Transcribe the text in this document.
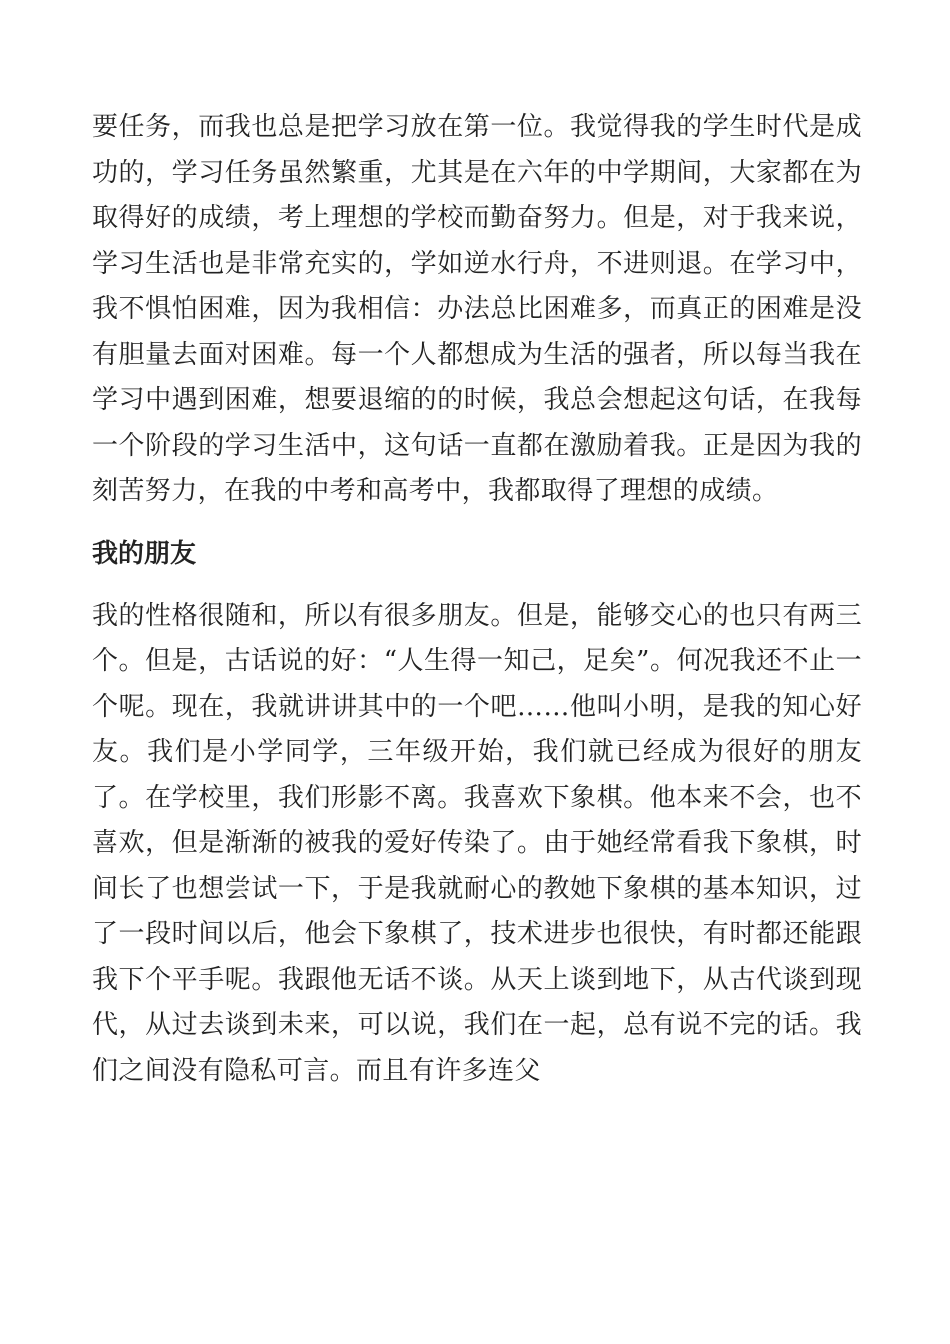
要任务，而我也总是把学习放在第一位。我觉得我的学生时代是成功的，学习任务虽然繁重，尤其是在六年的中学期间，大家都在为取得好的成绩，考上理想的学校而勤奋努力。但是，对于我来说，学习生活也是非常充实的，学如逆水行舟，不进则退。在学习中，我不惧怕困难，因为我相信：办法总比困难多，而真正的困难是没有胆量去面对困难。每一个人都想成为生活的强者，所以每当我在学习中遇到困难，想要退缩的的时候，我总会想起这句话，在我每一个阶段的学习生活中，这句话一直都在激励着我。正是因为我的刻苦努力，在我的中考和高考中，我都取得了理想的成绩。

我的朋友

我的性格很随和，所以有很多朋友。但是，能够交心的也只有两三个。但是，古话说的好：“人生得一知己，足矣”。何况我还不止一个呢。现在，我就讲讲其中的一个吧……他叫小明，是我的知心好友。我们是小学同学，三年级开始，我们就已经成为很好的朋友了。在学校里，我们形影不离。我喜欢下象棋。他本来不会，也不喜欢，但是渐渐的被我的爱好传染了。由于她经常看我下象棋，时间长了也想尝试一下，于是我就耐心的教她下象棋的基本知识，过了一段时间以后，他会下象棋了，技术进步也很快，有时都还能跟我下个平手呢。我跟他无话不谈。从天上谈到地下，从古代谈到现代，从过去谈到未来，可以说，我们在一起，总有说不完的话。我们之间没有隐私可言。而且有许多连父
